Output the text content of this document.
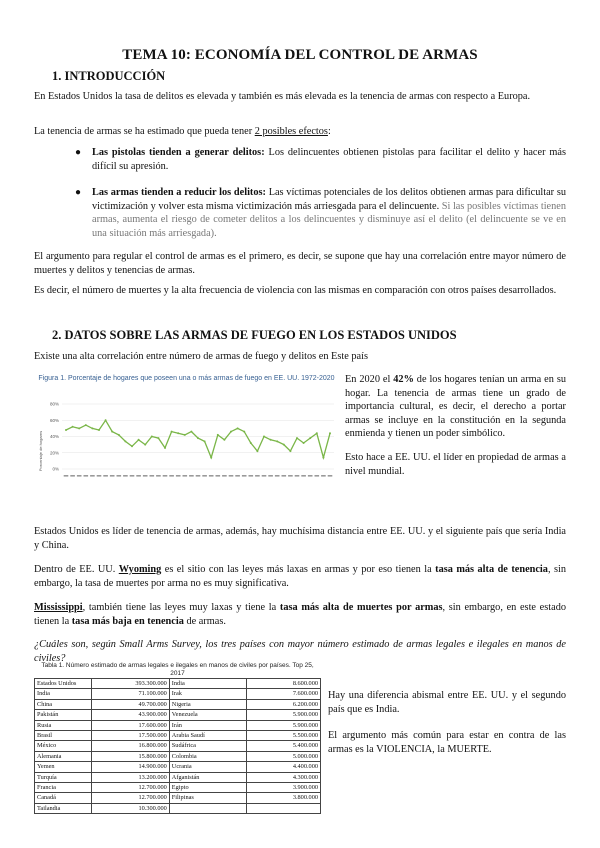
TEMA 10: ECONOMÍA DEL CONTROL DE ARMAS
1. INTRODUCCIÓN
En Estados Unidos la tasa de delitos es elevada y también es más elevada es la tenencia de armas con respecto a Europa.
La tenencia de armas se ha estimado que pueda tener 2 posibles efectos:
● Las pistolas tienden a generar delitos: Los delincuentes obtienen pistolas para facilitar el delito y hacer más difícil su apresión.
● Las armas tienden a reducir los delitos: Las víctimas potenciales de los delitos obtienen armas para dificultar su victimización y volver esta misma victimización más arriesgada para el delincuente. Si las posibles víctimas tienen armas, aumenta el riesgo de cometer delitos a los delincuentes y disminuye así el delito (el delincuente se ve en una situación más arriesgada).
El argumento para regular el control de armas es el primero, es decir, se supone que hay una correlación entre mayor número de muertes y delitos y tenencias de armas.
Es decir, el número de muertes y la alta frecuencia de violencia con las mismas en comparación con otros países desarrollados.
2. DATOS SOBRE LAS ARMAS DE FUEGO EN LOS ESTADOS UNIDOS
Existe una alta correlación entre número de armas de fuego y delitos en Este país
Figura 1. Porcentaje de hogares que poseen una o más armas de fuego en EE. UU. 1972-2020
Porcentaje de hogares 0%
20%
40%
60%
80%
En 2020 el 42% de los hogares tenían un arma en su hogar. La tenencia de armas tiene un grado de importancia cultural, es decir, el derecho a portar armas se incluye en la constitución en la segunda enmienda y tienen un poder simbólico.
Esto hace a EE. UU. el líder en propiedad de armas a nivel mundial.
Estados Unidos es líder de tenencia de armas, además, hay muchísima distancia entre EE. UU. y el siguiente país que sería India y China.
Dentro de EE. UU. Wyoming es el sitio con las leyes más laxas en armas y por eso tienen la tasa más alta de tenencia, sin embargo, la tasa de muertes por arma no es muy significativa.
Mississippi, también tiene las leyes muy laxas y tiene la tasa más alta de muertes por armas, sin embargo, en este estado tienen la tasa más baja en tenencia de armas.
¿Cuáles son, según Small Arms Survey, los tres países con mayor número estimado de armas legales e ilegales en manos de civiles?
Tabla 1. Número estimado de armas legales e ilegales en manos de civiles por países. Top 25, 2017
Estados Unidos	393.300.000	India	8.600.000
India	71.100.000	Irak	7.600.000
China	49.700.000	Nigeria	6.200.000
Pakistán	43.900.000	Venezuela	5.900.000
Rusia	17.600.000	Irán	5.900.000
Brasil	17.500.000	Arabia Saudí	5.500.000
México	16.800.000	Sudáfrica	5.400.000
Alemania	15.800.000	Colombia	5.000.000
Yemen	14.900.000	Ucrania	4.400.000
Turquía	13.200.000	Afganistán	4.300.000
Francia	12.700.000	Egipto	3.900.000
Canadá	12.700.000	Filipinas	3.800.000
Tailandia	10.300.000		
Hay una diferencia abismal entre EE. UU. y el segundo país que es India.
El argumento más común para estar en contra de las armas es la VIOLENCIA, la MUERTE.
